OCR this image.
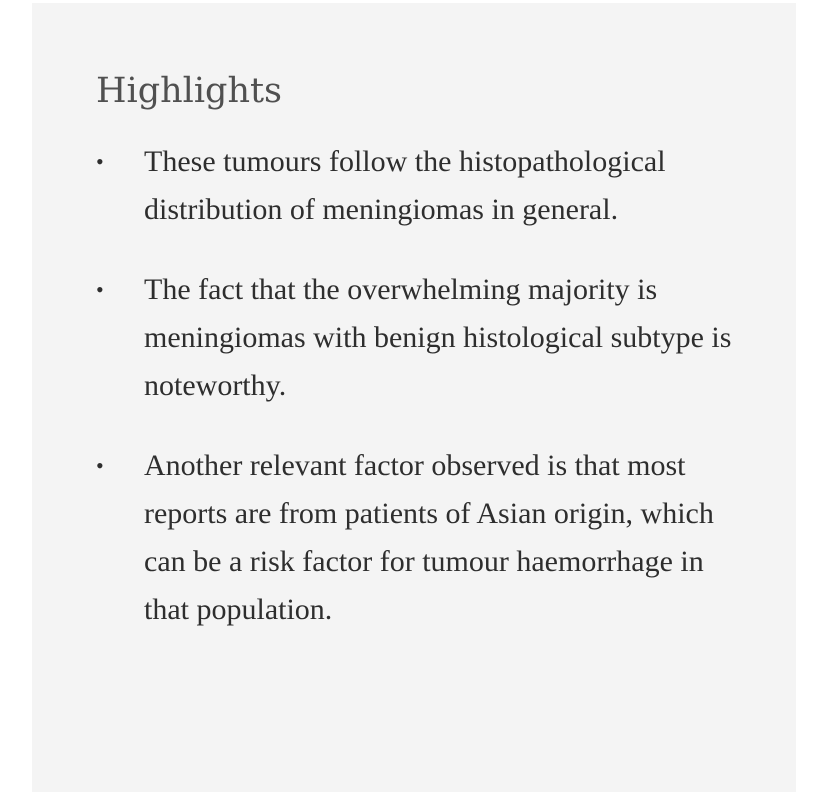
Highlights
• These tumours follow the histopathological distribution of meningiomas in general.
• The fact that the overwhelming majority is meningiomas with benign histological subtype is noteworthy.
• Another relevant factor observed is that most reports are from patients of Asian origin, which can be a risk factor for tumour haemorrhage in that population.
